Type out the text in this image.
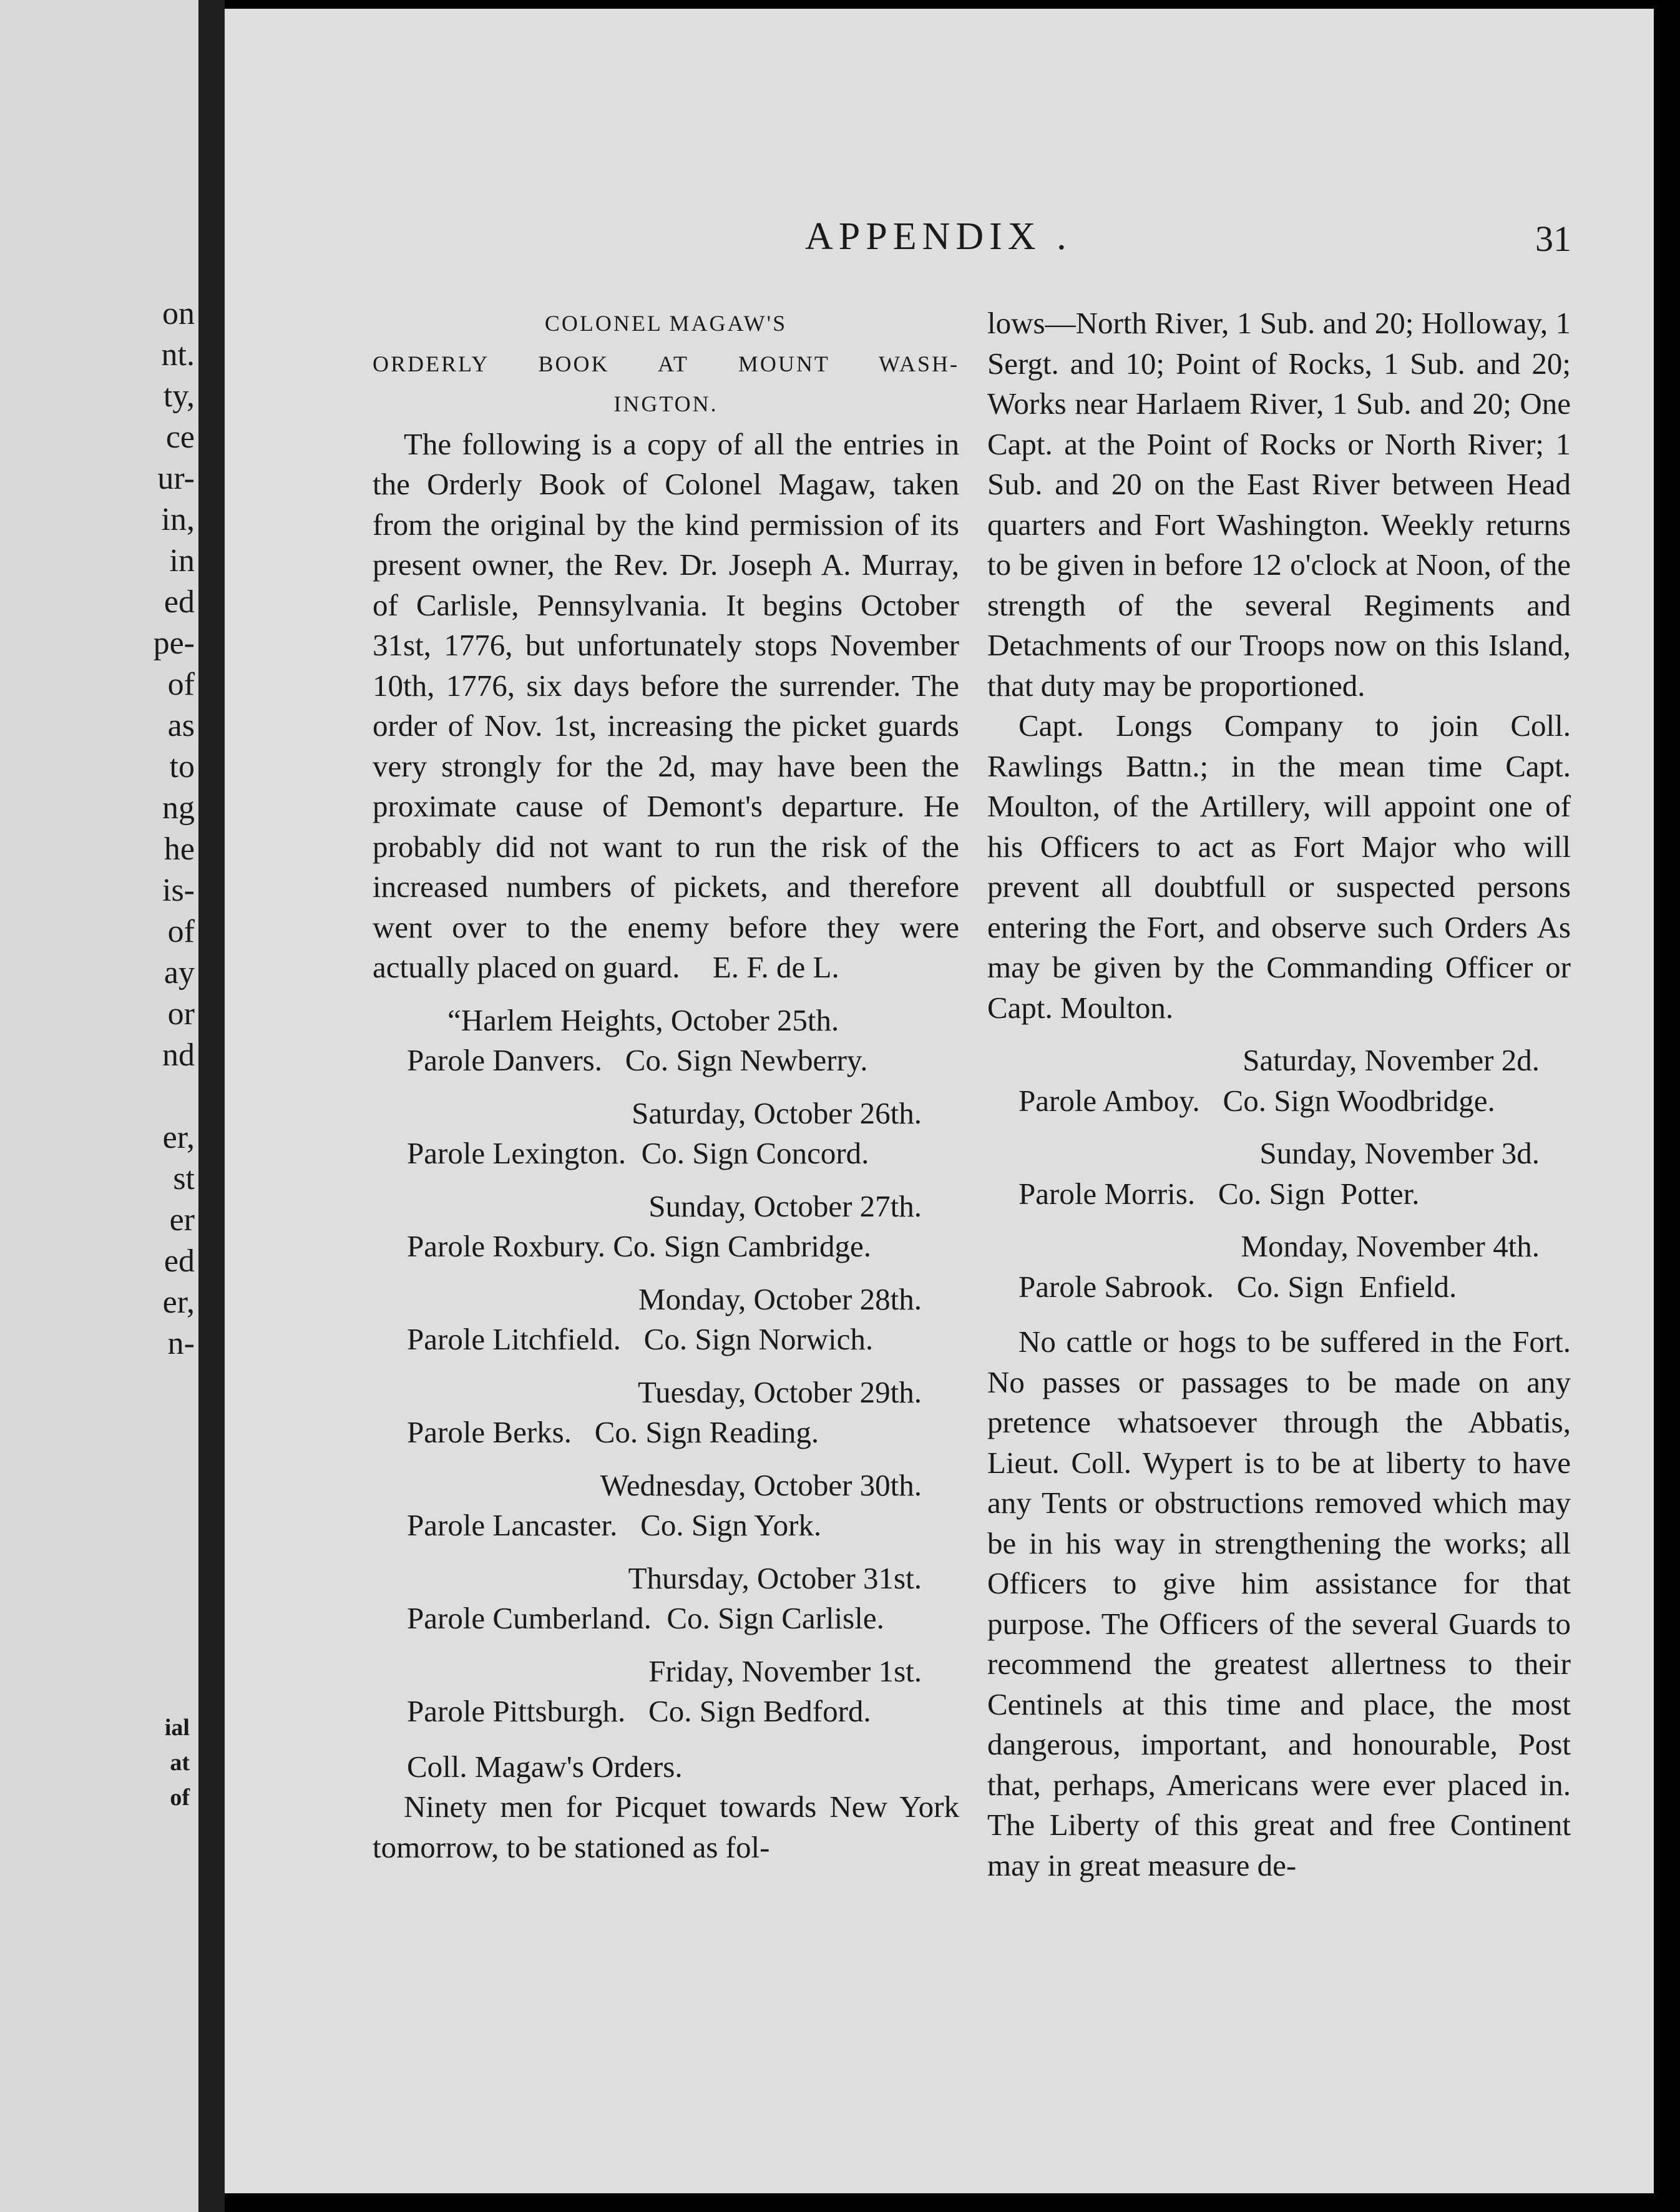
on
nt.
ty,
ce
ur-
in,
in
ed
pe-
of
as
to
ng
he
is-
of
ay
or
nd
er,
st
er
ed
er,
n-
ial
at
of
APPENDIX .	31
COLONEL MAGAW'S
ORDERLY BOOK AT MOUNT WASH-
INGTON.

The following is a copy of all the entries in the Orderly Book of Colonel Magaw, taken from the original by the kind permission of its present owner, the Rev. Dr. Joseph A. Murray, of Carlisle, Pennsylvania. It begins October 31st, 1776, but unfortunately stops November 10th, 1776, six days before the surrender. The order of Nov. 1st, increasing the picket guards very strongly for the 2d, may have been the proximate cause of Demont's departure. He probably did not want to run the risk of the increased numbers of pickets, and therefore went over to the enemy before they were actually placed on guard. E. F. de L.

“Harlem Heights, October 25th.
Parole Danvers.   Co. Sign Newberry.
Saturday, October 26th.
Parole Lexington.  Co. Sign Concord.
Sunday, October 27th.
Parole Roxbury. Co. Sign Cambridge.
Monday, October 28th.
Parole Litchfield.   Co. Sign Norwich.
Tuesday, October 29th.
Parole Berks.   Co. Sign Reading.
Wednesday, October 30th.
Parole Lancaster.   Co. Sign York.
Thursday, October 31st.
Parole Cumberland.  Co. Sign Carlisle.
Friday, November 1st.
Parole Pittsburgh.   Co. Sign Bedford.
Coll. Magaw's Orders.

Ninety men for Picquet towards New York tomorrow, to be stationed as fol-

lows—North River, 1 Sub. and 20; Holloway, 1 Sergt. and 10; Point of Rocks, 1 Sub. and 20; Works near Harlaem River, 1 Sub. and 20; One Capt. at the Point of Rocks or North River; 1 Sub. and 20 on the East River between Head quarters and Fort Washington. Weekly returns to be given in before 12 o'clock at Noon, of the strength of the several Regiments and Detachments of our Troops now on this Island, that duty may be proportioned.

Capt. Longs Company to join Coll. Rawlings Battn.; in the mean time Capt. Moulton, of the Artillery, will appoint one of his Officers to act as Fort Major who will prevent all doubtfull or suspected persons entering the Fort, and observe such Orders As may be given by the Commanding Officer or Capt. Moulton.

Saturday, November 2d.
Parole Amboy.   Co. Sign Woodbridge.
Sunday, November 3d.
Parole Morris.   Co. Sign  Potter.
Monday, November 4th.
Parole Sabrook.   Co. Sign  Enfield.

No cattle or hogs to be suffered in the Fort. No passes or passages to be made on any pretence whatsoever through the Abbatis, Lieut. Coll. Wypert is to be at liberty to have any Tents or obstructions removed which may be in his way in strengthening the works; all Officers to give him assistance for that purpose. The Officers of the several Guards to recommend the greatest allertness to their Centinels at this time and place, the most dangerous, important, and honourable, Post that, perhaps, Americans were ever placed in. The Liberty of this great and free Continent may in great measure de-
